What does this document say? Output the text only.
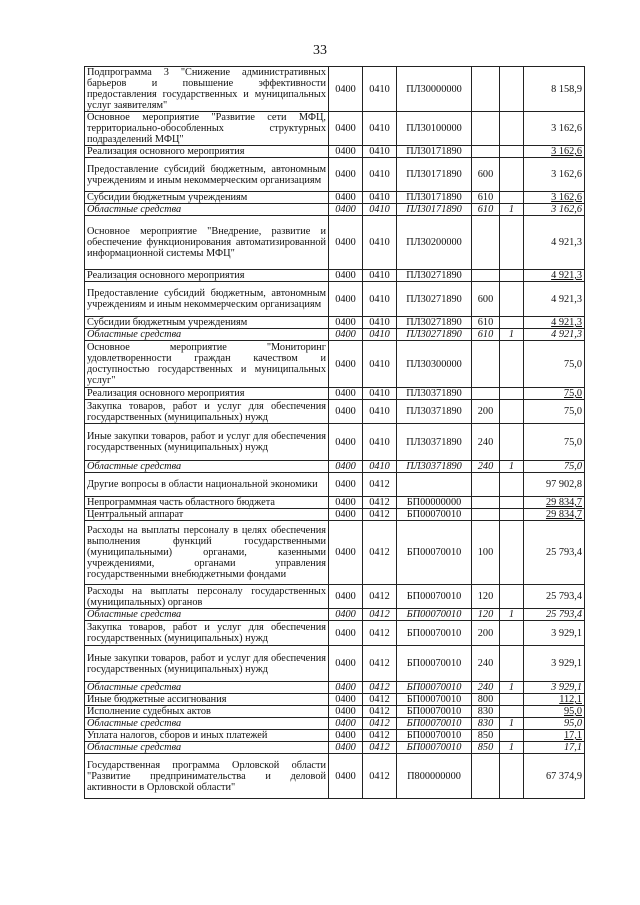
33
Подпрограмма 3 "Снижение административных барьеров и повышение эффективности предоставления государственных и муниципальных услуг заявителям"	0400	0410	ПЛ30000000			8 158,9
Основное мероприятие "Развитие сети МФЦ, территориально-обособленных структурных подразделений МФЦ"	0400	0410	ПЛ30100000			3 162,6
Реализация основного мероприятия	0400	0410	ПЛ30171890			3 162,6
Предоставление субсидий бюджетным, автономным учреждениям и иным некоммерческим организациям	0400	0410	ПЛ30171890	600		3 162,6
Субсидии бюджетным учреждениям	0400	0410	ПЛ30171890	610		3 162,6
Областные средства	0400	0410	ПЛ30171890	610	1	3 162,6
Основное мероприятие "Внедрение, развитие и обеспечение функционирования автоматизированной информационной системы МФЦ"	0400	0410	ПЛ30200000			4 921,3
Реализация основного мероприятия	0400	0410	ПЛ30271890			4 921,3
Предоставление субсидий бюджетным, автономным учреждениям и иным некоммерческим организациям	0400	0410	ПЛ30271890	600		4 921,3
Субсидии бюджетным учреждениям	0400	0410	ПЛ30271890	610		4 921,3
Областные средства	0400	0410	ПЛ30271890	610	1	4 921,3
Основное мероприятие "Мониторинг удовлетворенности граждан качеством и доступностью государственных и муниципальных услуг"	0400	0410	ПЛ30300000			75,0
Реализация основного мероприятия	0400	0410	ПЛ30371890			75,0
Закупка товаров, работ и услуг для обеспечения государственных (муниципальных) нужд	0400	0410	ПЛ30371890	200		75,0
Иные закупки товаров, работ и услуг для обеспечения государственных (муниципальных) нужд	0400	0410	ПЛ30371890	240		75,0
Областные средства	0400	0410	ПЛ30371890	240	1	75,0
Другие вопросы в области национальной экономики	0400	0412				97 902,8
Непрограммная часть областного бюджета	0400	0412	БП00000000			29 834,7
Центральный аппарат	0400	0412	БП00070010			29 834,7
Расходы на выплаты персоналу в целях обеспечения выполнения функций государственными (муниципальными) органами, казенными учреждениями, органами управления государственными внебюджетными фондами	0400	0412	БП00070010	100		25 793,4
Расходы на выплаты персоналу государственных (муниципальных) органов	0400	0412	БП00070010	120		25 793,4
Областные средства	0400	0412	БП00070010	120	1	25 793,4
Закупка товаров, работ и услуг для обеспечения государственных (муниципальных) нужд	0400	0412	БП00070010	200		3 929,1
Иные закупки товаров, работ и услуг для обеспечения государственных (муниципальных) нужд	0400	0412	БП00070010	240		3 929,1
Областные средства	0400	0412	БП00070010	240	1	3 929,1
Иные бюджетные ассигнования	0400	0412	БП00070010	800		112,1
Исполнение судебных актов	0400	0412	БП00070010	830		95,0
Областные средства	0400	0412	БП00070010	830	1	95,0
Уплата налогов, сборов и иных платежей	0400	0412	БП00070010	850		17,1
Областные средства	0400	0412	БП00070010	850	1	17,1
Государственная программа Орловской области "Развитие предпринимательства и деловой активности в Орловской области"	0400	0412	П800000000			67 374,9
